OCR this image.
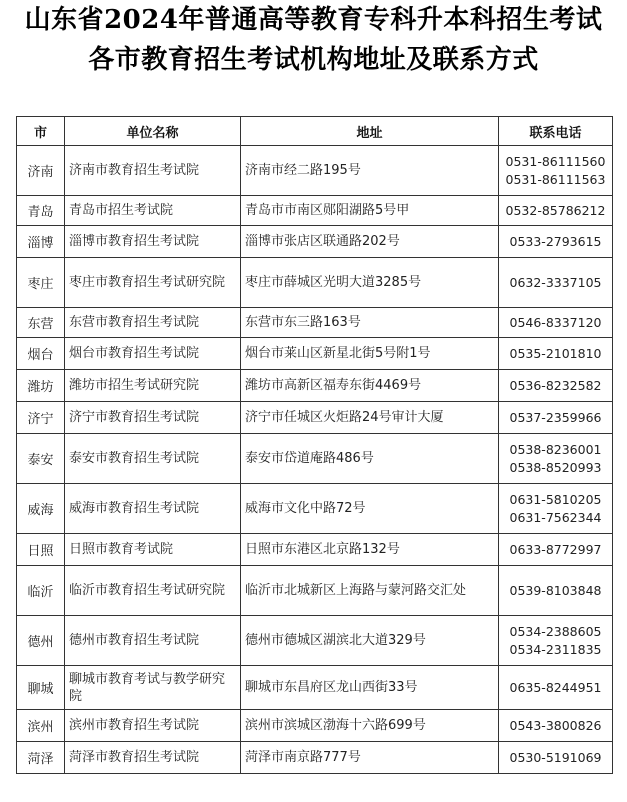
山东省2024年普通高等教育专科升本科招生考试
各市教育招生考试机构地址及联系方式
市	单位名称	地址	联系电话
济南	济南市教育招生考试院	济南市经二路195号	0531-86111560
0531-86111563

青岛	青岛市招生考试院	青岛市市南区郧阳湖路5号甲	0532-85786212

淄博	淄博市教育招生考试院	淄博市张店区联通路202号	0533-2793615

枣庄	枣庄市教育招生考试研究院	枣庄市薛城区光明大道3285号	0632-3337105

东营	东营市教育招生考试院	东营市东三路163号	0546-8337120

烟台	烟台市教育招生考试院	烟台市莱山区新星北街5号附1号	0535-2101810

潍坊	潍坊市招生考试研究院	潍坊市高新区福寿东街4469号	0536-8232582

济宁	济宁市教育招生考试院	济宁市任城区火炬路24号审计大厦	0537-2359966

泰安	泰安市教育招生考试院	泰安市岱道庵路486号	0538-8236001
0538-8520993

威海	威海市教育招生考试院	威海市文化中路72号	0631-5810205
0631-7562344

日照	日照市教育考试院	日照市东港区北京路132号	0633-8772997

临沂	临沂市教育招生考试研究院	临沂市北城新区上海路与蒙河路交汇处	0539-8103848

德州	德州市教育招生考试院	德州市德城区湖滨北大道329号	0534-2388605
0534-2311835

聊城	聊城市教育考试与教学研究院	聊城市东昌府区龙山西街33号	0635-8244951

滨州	滨州市教育招生考试院	滨州市滨城区渤海十六路699号	0543-3800826

菏泽	菏泽市教育招生考试院	菏泽市南京路777号	0530-5191069
